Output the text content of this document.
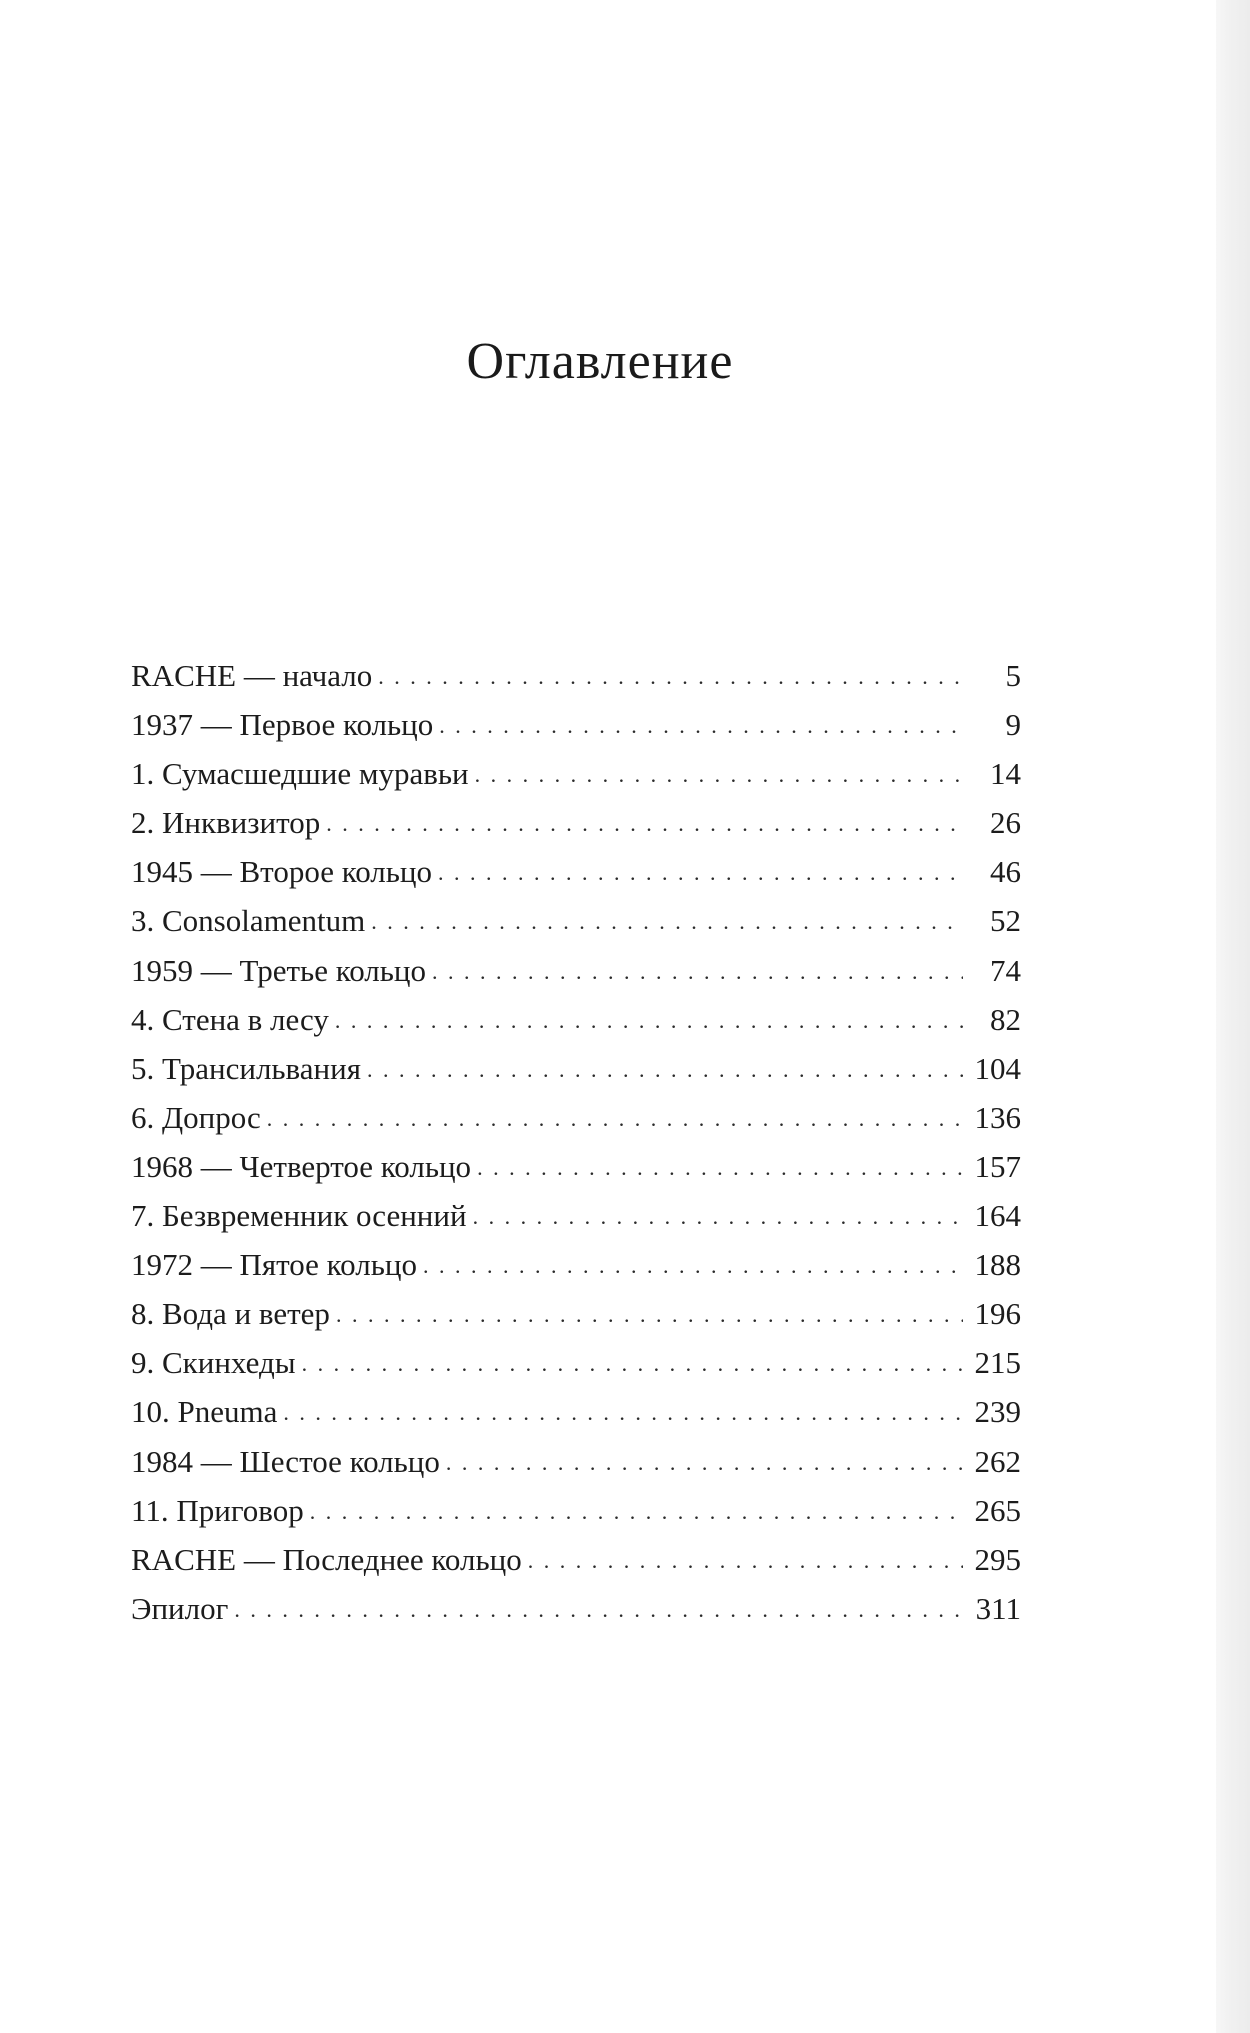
Оглавление
RACHE — начало . . .	5
1937 — Первое кольцо . . .	9
1. Сумасшедшие муравьи . . .	14
2. Инквизитор . . .	26
1945 — Второе кольцо . . .	46
3. Consolamentum . . .	52
1959 — Третье кольцо . . .	74
4. Стена в лесу . . .	82
5. Трансильвания . . .	104
6. Допрос . . .	136
1968 — Четвертое кольцо . . .	157
7. Безвременник осенний . . .	164
1972 — Пятое кольцо . . .	188
8. Вода и ветер . . .	196
9. Скинхеды . . .	215
10. Pneuma . . .	239
1984 — Шестое кольцо . . .	262
11. Приговор . . .	265
RACHE — Последнее кольцо . . .	295
Эпилог . . .	311
